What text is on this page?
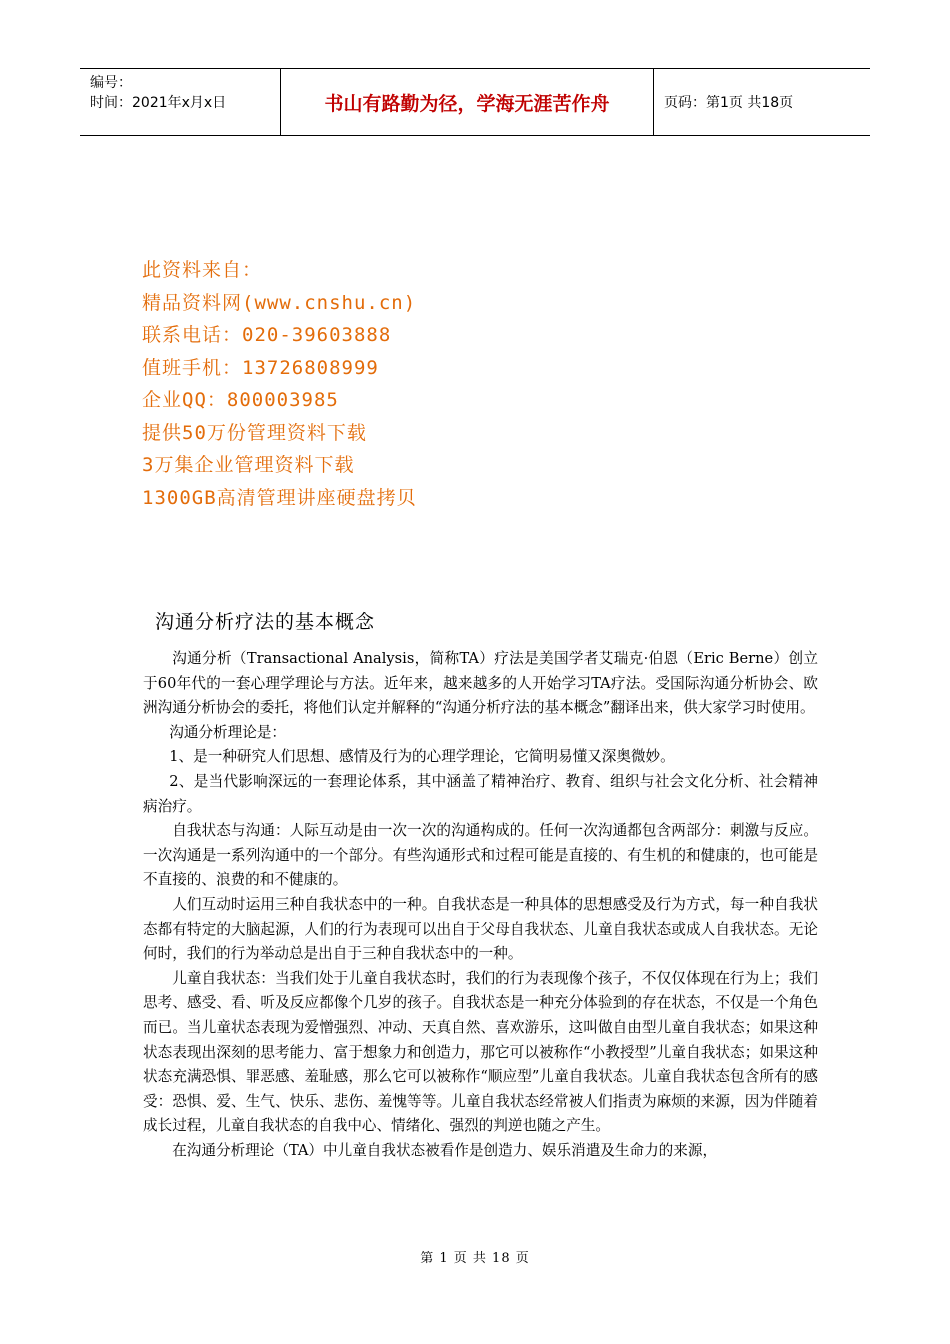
编号：
时间：2021年x月x日	书山有路勤为径，学海无涯苦作舟	页码：第1页 共18页
此资料来自：
精品资料网(www.cnshu.cn)
联系电话：020-39603888
值班手机：13726808999
企业QQ：800003985
提供50万份管理资料下载
3万集企业管理资料下载
1300GB高清管理讲座硬盘拷贝
沟通分析疗法的基本概念

沟通分析（Transactional Analysis，简称TA）疗法是美国学者艾瑞克·伯恩（Eric Berne）创立于60年代的一套心理学理论与方法。近年来，越来越多的人开始学习TA疗法。受国际沟通分析协会、欧洲沟通分析协会的委托，将他们认定并解释的“沟通分析疗法的基本概念”翻译出来，供大家学习时使用。

沟通分析理论是：

1、是一种研究人们思想、感情及行为的心理学理论，它简明易懂又深奥微妙。

2、是当代影响深远的一套理论体系，其中涵盖了精神治疗、教育、组织与社会文化分析、社会精神病治疗。

自我状态与沟通：人际互动是由一次一次的沟通构成的。任何一次沟通都包含两部分：刺激与反应。一次沟通是一系列沟通中的一个部分。有些沟通形式和过程可能是直接的、有生机的和健康的，也可能是不直接的、浪费的和不健康的。

人们互动时运用三种自我状态中的一种。自我状态是一种具体的思想感受及行为方式，每一种自我状态都有特定的大脑起源，人们的行为表现可以出自于父母自我状态、儿童自我状态或成人自我状态。无论何时，我们的行为举动总是出自于三种自我状态中的一种。

儿童自我状态：当我们处于儿童自我状态时，我们的行为表现像个孩子，不仅仅体现在行为上；我们思考、感受、看、听及反应都像个几岁的孩子。自我状态是一种充分体验到的存在状态，不仅是一个角色而已。当儿童状态表现为爱憎强烈、冲动、天真自然、喜欢游乐，这叫做自由型儿童自我状态；如果这种状态表现出深刻的思考能力、富于想象力和创造力，那它可以被称作“小教授型”儿童自我状态；如果这种状态充满恐惧、罪恶感、羞耻感，那么它可以被称作“顺应型”儿童自我状态。儿童自我状态包含所有的感受：恐惧、爱、生气、快乐、悲伤、羞愧等等。儿童自我状态经常被人们指责为麻烦的来源，因为伴随着成长过程，儿童自我状态的自我中心、情绪化、强烈的判逆也随之产生。

在沟通分析理论（TA）中儿童自我状态被看作是创造力、娱乐消遣及生命力的来源，

第 1 页 共 18 页
